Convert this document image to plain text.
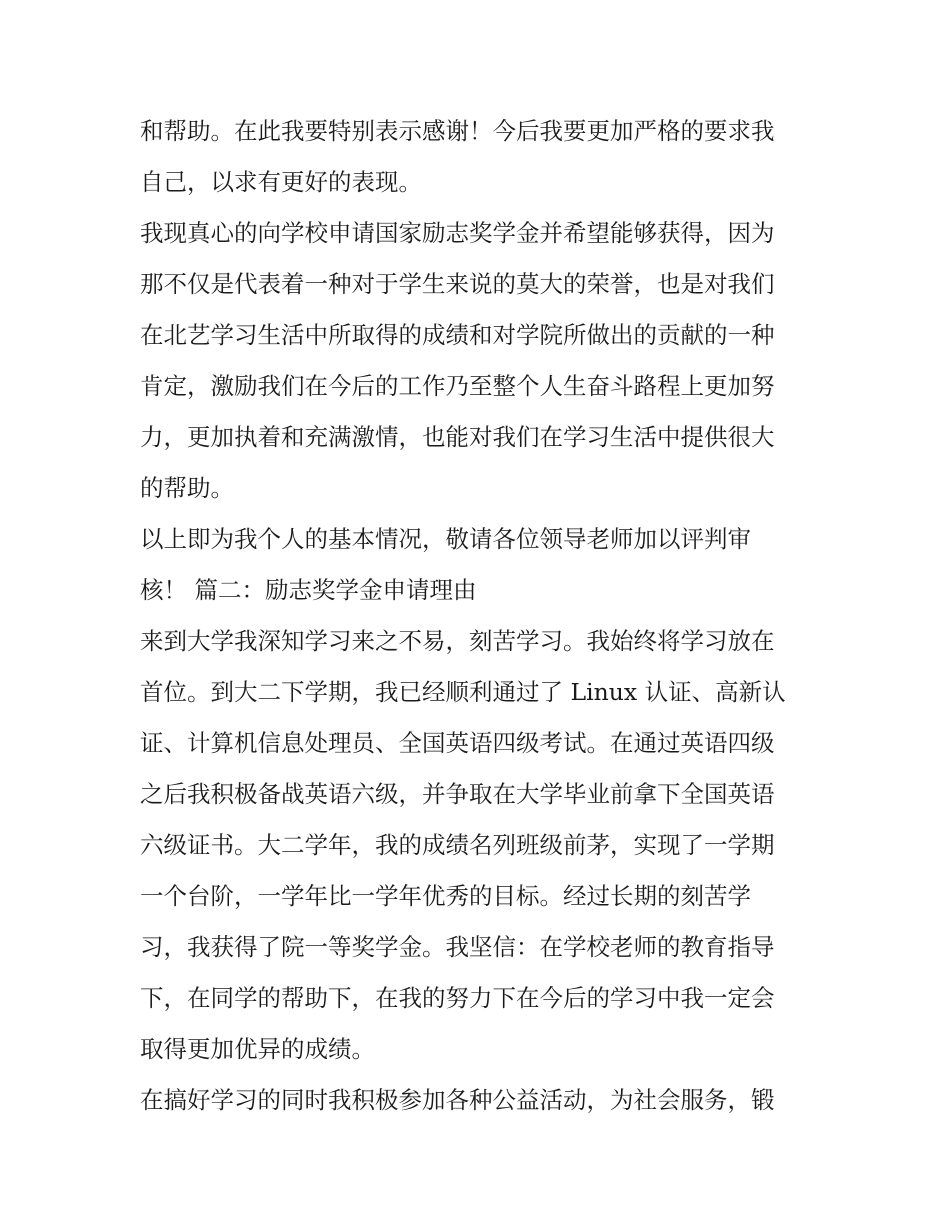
和帮助。在此我要特别表示感谢！今后我要更加严格的要求我
自己，以求有更好的表现。
我现真心的向学校申请国家励志奖学金并希望能够获得，因为
那不仅是代表着一种对于学生来说的莫大的荣誉，也是对我们
在北艺学习生活中所取得的成绩和对学院所做出的贡献的一种
肯定，激励我们在今后的工作乃至整个人生奋斗路程上更加努
力，更加执着和充满激情，也能对我们在学习生活中提供很大
的帮助。
以上即为我个人的基本情况，敬请各位领导老师加以评判审
核！ 篇二：励志奖学金申请理由
来到大学我深知学习来之不易，刻苦学习。我始终将学习放在
首位。到大二下学期，我已经顺利通过了 Linux 认证、高新认
证、计算机信息处理员、全国英语四级考试。在通过英语四级
之后我积极备战英语六级，并争取在大学毕业前拿下全国英语
六级证书。大二学年，我的成绩名列班级前茅，实现了一学期
一个台阶，一学年比一学年优秀的目标。经过长期的刻苦学
习，我获得了院一等奖学金。我坚信：在学校老师的教育指导
下，在同学的帮助下，在我的努力下在今后的学习中我一定会
取得更加优异的成绩。
在搞好学习的同时我积极参加各种公益活动，为社会服务，锻
